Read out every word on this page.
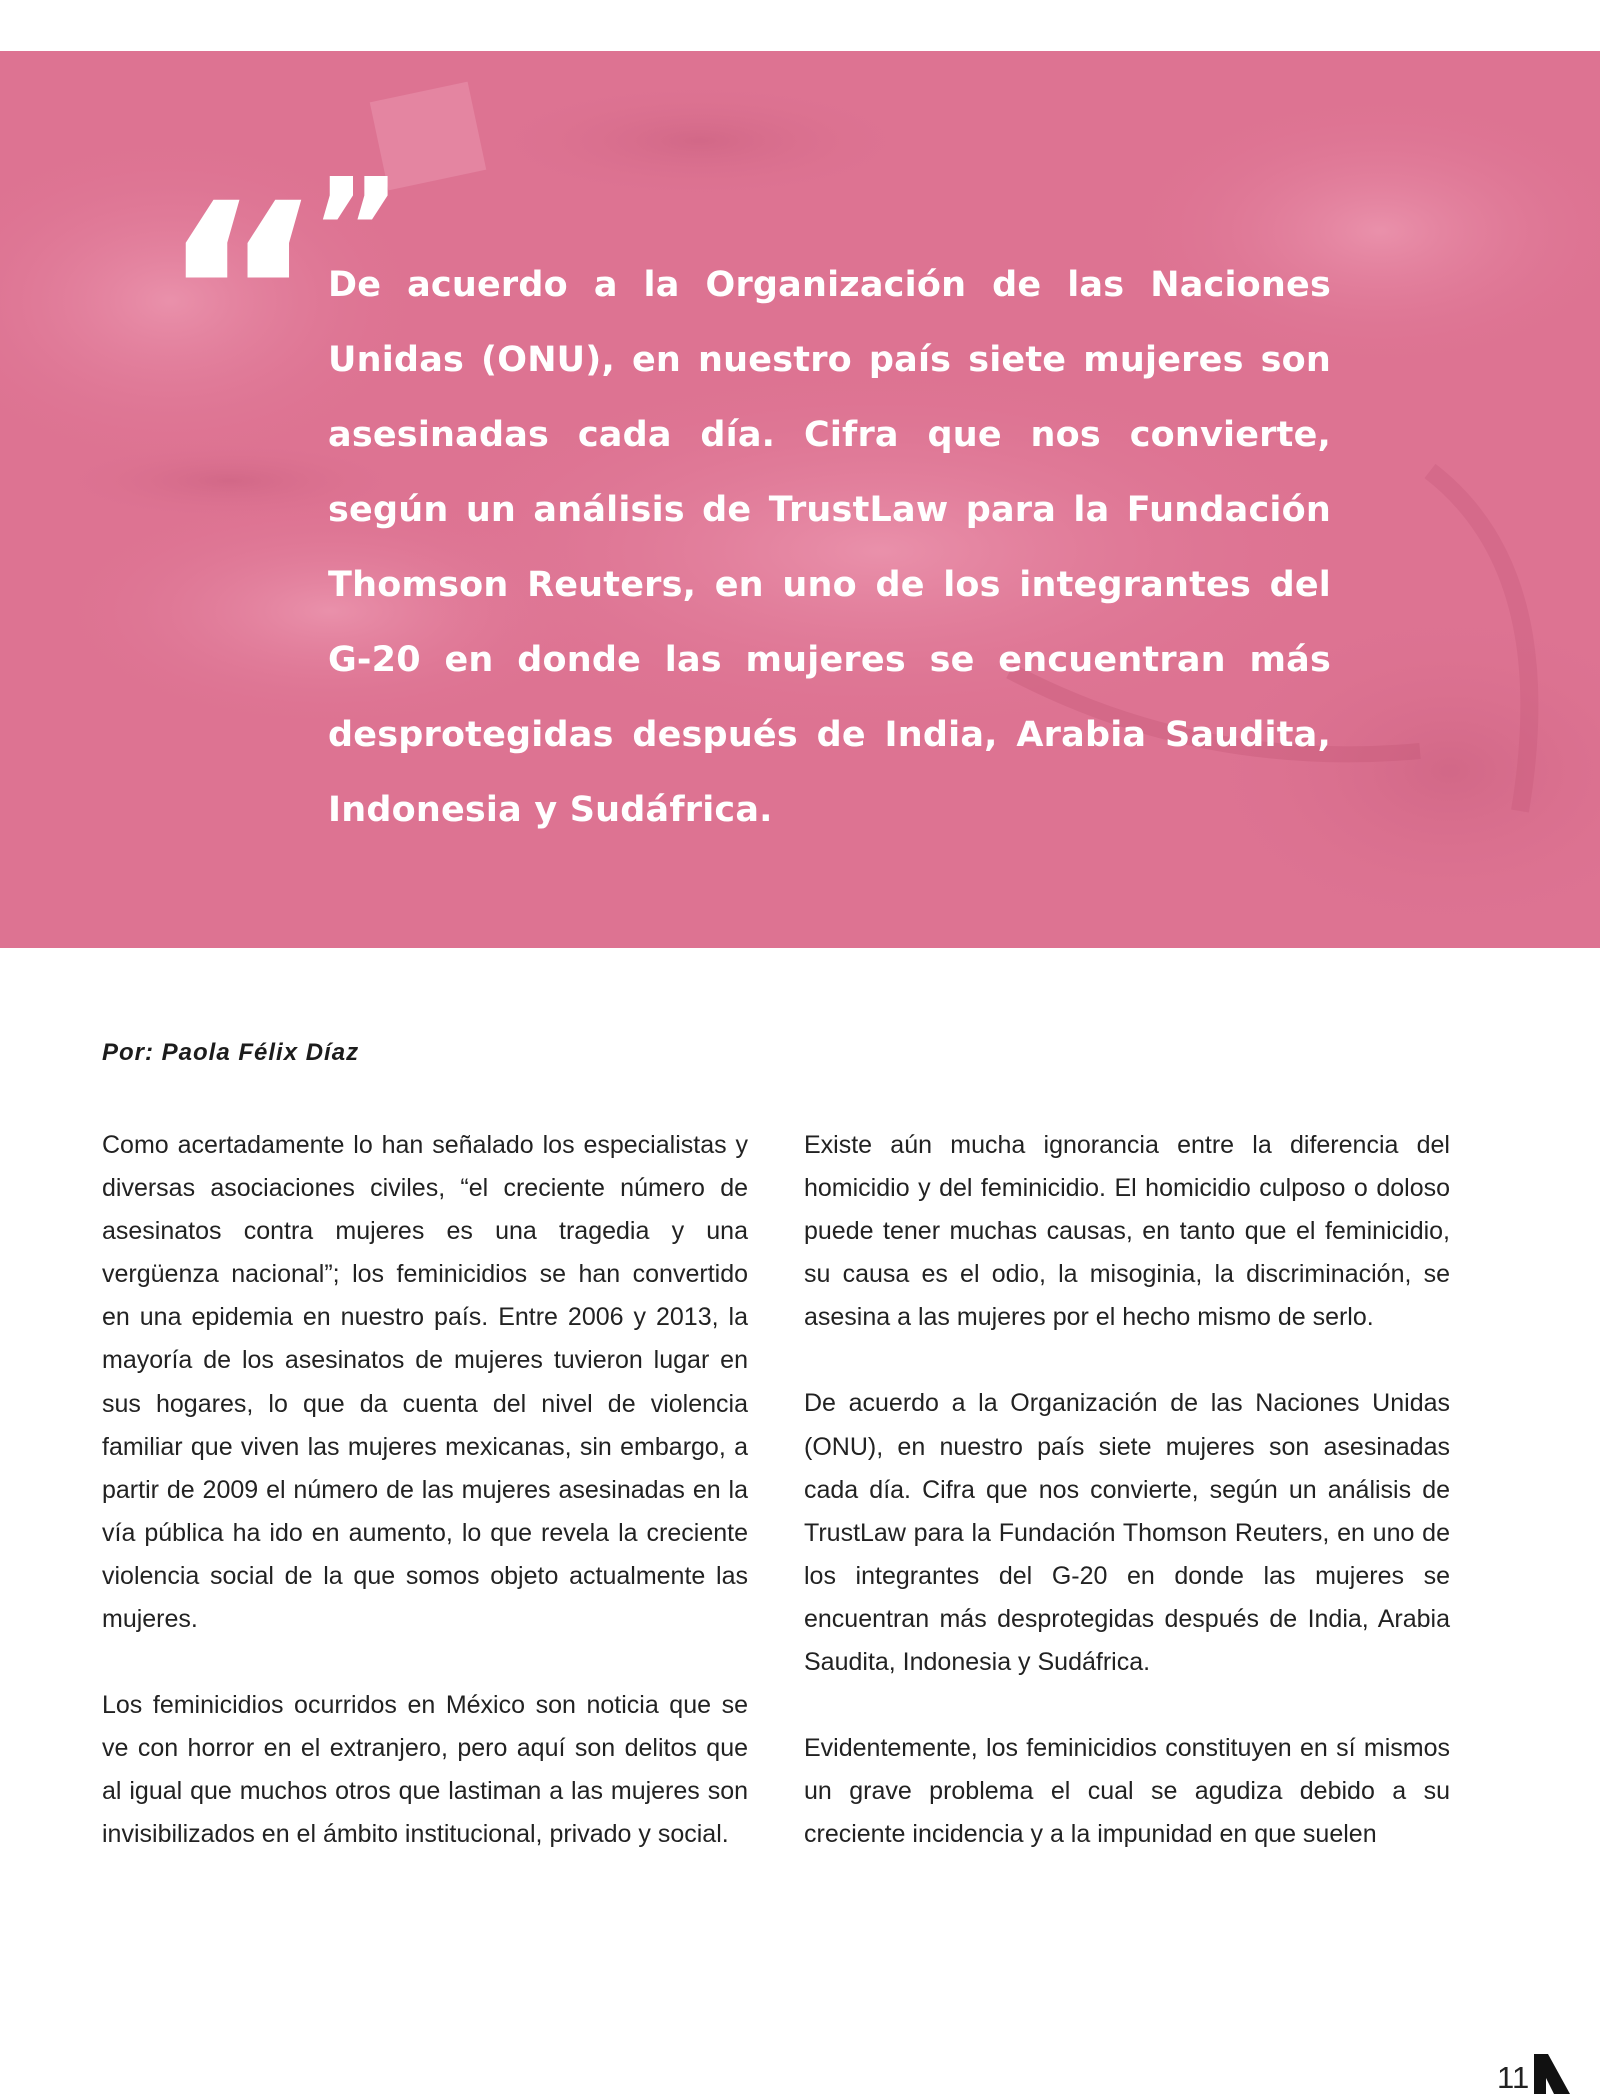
“ ”

De acuerdo a la Organización de las Naciones Unidas (ONU), en nuestro país siete mujeres son asesinadas cada día. Cifra que nos convierte, según un análisis de TrustLaw para la Fundación Thomson Reuters, en uno de los integrantes del G-20 en donde las mujeres se encuentran más desprotegidas después de India, Arabia Saudita, Indonesia y Sudáfrica.

Por: Paola Félix Díaz

Como acertadamente lo han señalado los especialistas y diversas asociaciones civiles, “el creciente número de asesinatos contra mujeres es una tragedia y una vergüenza nacional”; los feminicidios se han convertido en una epidemia en nuestro país. Entre 2006 y 2013, la mayoría de los asesinatos de mujeres tuvieron lugar en sus hogares, lo que da cuenta del nivel de violencia familiar que viven las mujeres mexicanas, sin embargo, a partir de 2009 el número de las mujeres asesinadas en la vía pública ha ido en aumento, lo que revela la creciente violencia social de la que somos objeto actualmente las mujeres.

Los feminicidios ocurridos en México son noticia que se ve con horror en el extranjero, pero aquí son delitos que al igual que muchos otros que lastiman a las mujeres son invisibilizados en el ámbito institucional, privado y social.

Existe aún mucha ignorancia entre la diferencia del homicidio y del feminicidio. El homicidio culposo o doloso puede tener muchas causas, en tanto que el feminicidio, su causa es el odio, la misoginia, la discriminación, se asesina a las mujeres por el hecho mismo de serlo.

De acuerdo a la Organización de las Naciones Unidas (ONU), en nuestro país siete mujeres son asesinadas cada día. Cifra que nos convierte, según un análisis de TrustLaw para la Fundación Thomson Reuters, en uno de los integrantes del G-20 en donde las mujeres se encuentran más desprotegidas después de India, Arabia Saudita, Indonesia y Sudáfrica.

Evidentemente, los feminicidios constituyen en sí mismos un grave problema el cual se agudiza debido a su creciente incidencia y a la impunidad en que suelen

11
